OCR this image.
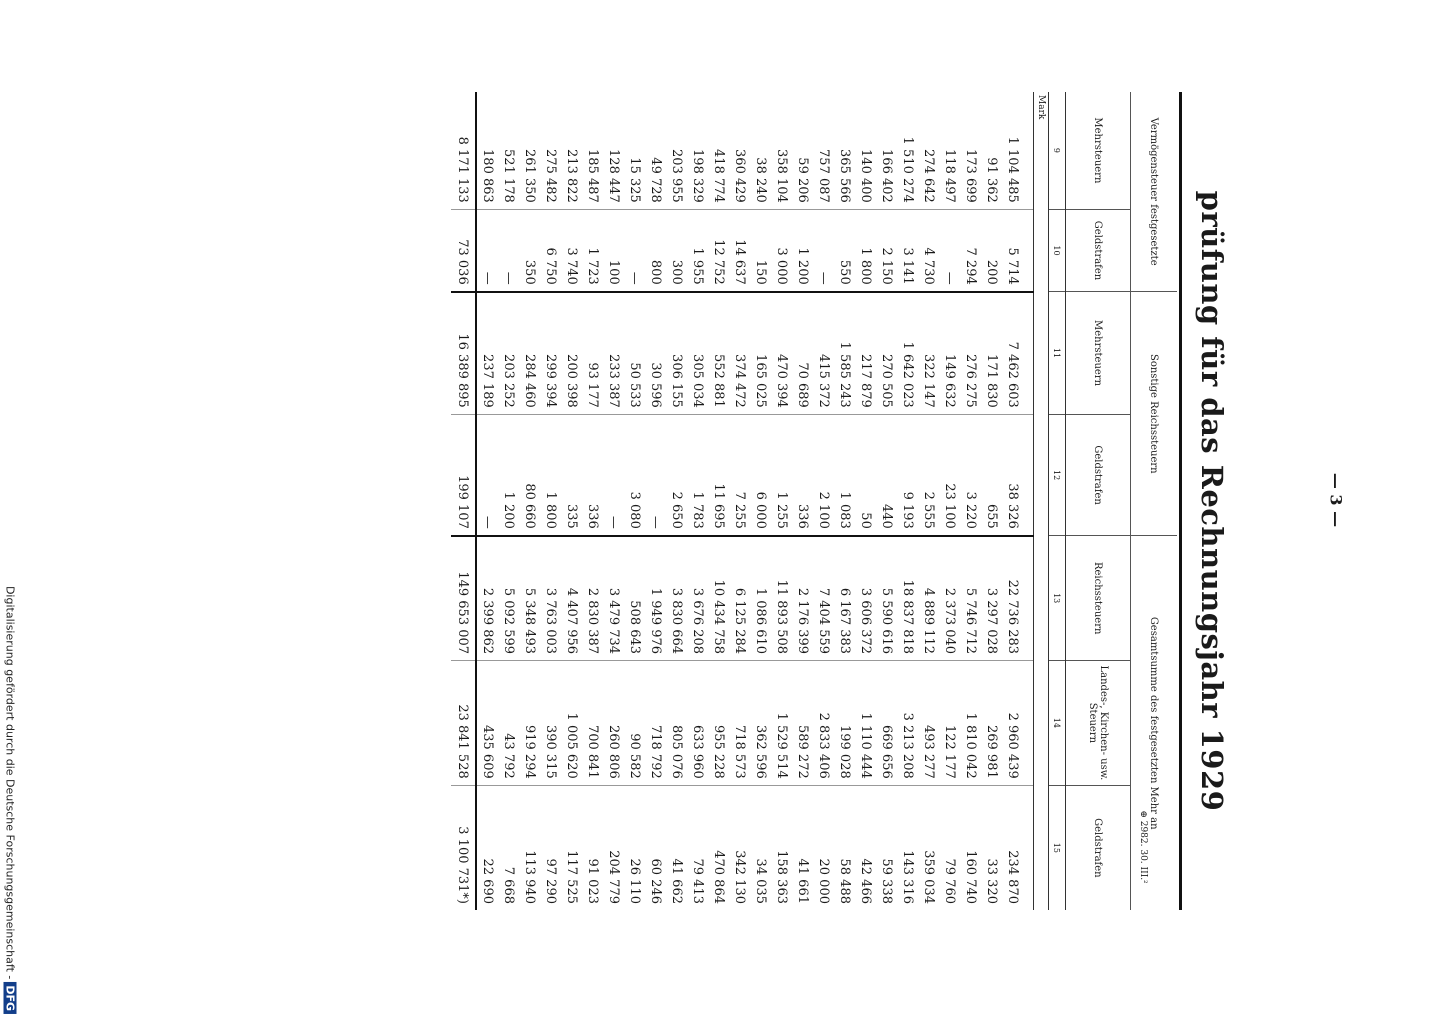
— 3 —
prüfung für das Rechnungsjahr 1929
Vermögensteuer festgesetzte		Sonstige Reichssteuern		Gesamtsumme des festgesetzten Mehr an		
Mehrsteuern	Geldstrafen	Mehrsteuern	Geldstrafen	Reichssteuern	Landes-, Kirchen- usw. Steuern	Geldstrafen
9	10	11	12	13	14	15
Mark						
1 104 485	5 714	7 462 603	38 326	22 736 283	2 960 439	234 870
91 362	200	171 830	655	3 297 028	269 981	33 320
173 699	7 294	276 275	3 220	5 746 712	1 810 042	160 740
118 497	—	149 632	23 100	2 373 040	122 177	79 760
274 642	4 730	322 147	2 555	4 889 112	493 277	359 034
1 510 274	3 141	1 642 023	9 193	18 837 818	3 213 208	143 316
166 402	2 150	270 505	440	5 590 616	669 656	59 338
140 400	1 800	217 879	50	3 606 372	1 110 444	42 466
365 566	550	1 585 243	1 083	6 167 383	199 028	58 488
757 087	—	415 372	2 100	7 404 559	2 833 406	20 000
59 206	1 200	70 689	336	2 176 399	589 272	41 661
358 104	3 000	470 394	1 255	11 893 508	1 529 514	158 363
38 240	150	165 025	6 000	1 086 610	362 596	34 035
360 429	14 637	374 472	7 255	6 125 284	718 573	342 130
418 774	12 752	552 881	11 695	10 434 758	955 228	470 864
198 329	1 955	305 034	1 783	3 676 208	633 960	79 413
203 955	300	306 155	2 650	3 830 664	805 076	41 662
49 728	800	30 596	—	1 949 976	718 792	60 246
15 325	—	50 533	3 080	508 643	90 582	26 110
128 447	100	233 387	—	3 479 734	260 806	204 779
185 487	1 723	93 177	336	2 830 387	700 841	91 023
213 822	3 740	200 398	335	4 407 956	1 005 620	117 525
275 482	6 750	299 394	1 800	3 763 003	390 315	97 290
261 350	350	284 460	80 660	5 348 493	919 294	113 940
521 178	—	203 252	1 200	5 092 599	43 792	7 668
180 863	—	237 189	—	2 399 862	435 609	22 690
8 171 133	73 036	16 389 895	199 107	149 653 007	23 841 528	3 100 731*)	⊕ 2982. 30. III.²
Digitalisierung gefördert durch die Deutsche Forschungsgemeinschaft -DFG
